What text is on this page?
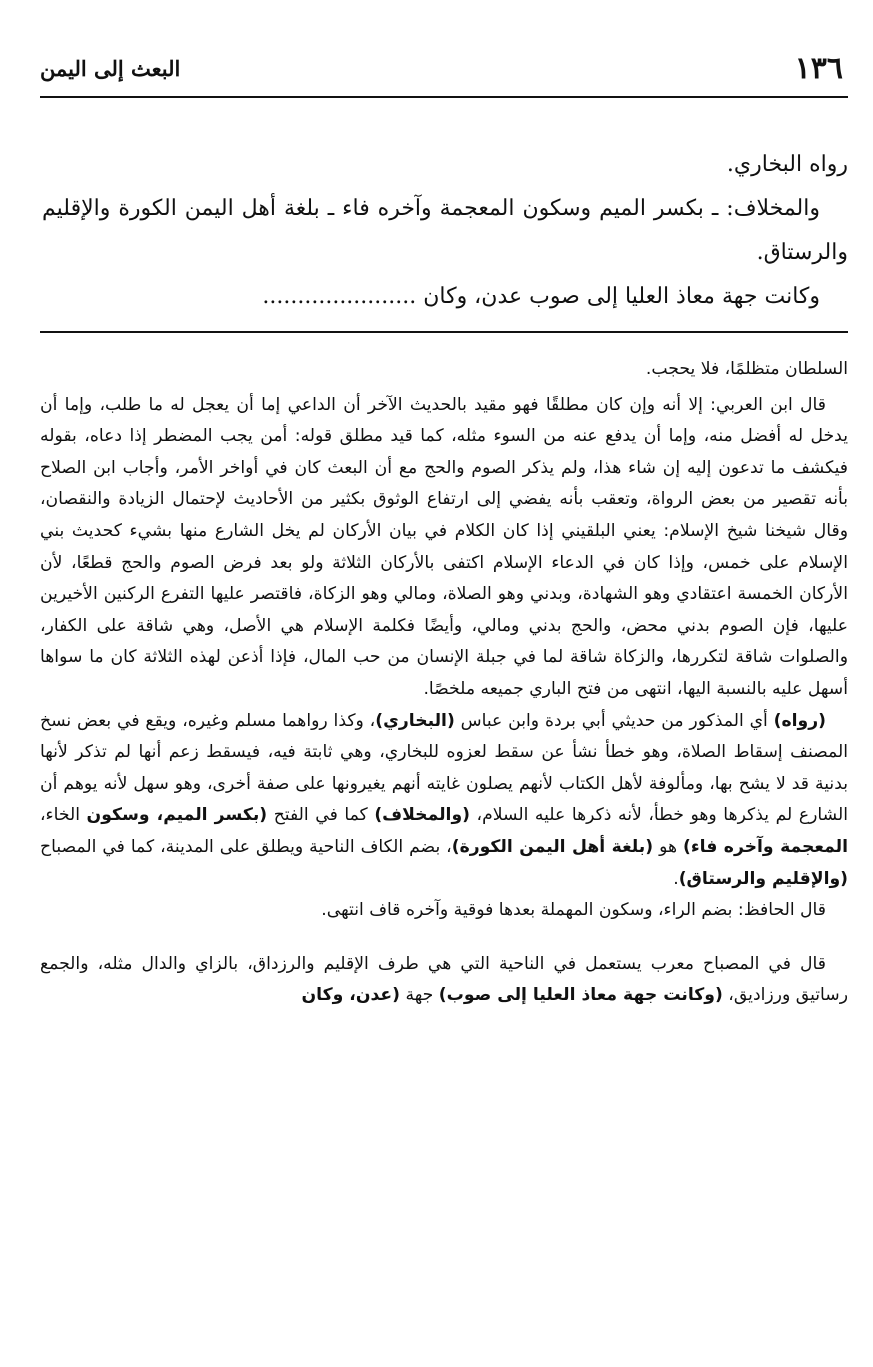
١٣٦
البعث إلى اليمن

رواه البخاري.

والمخلاف: ـ بكسر الميم وسكون المعجمة وآخره فاء ـ بلغة أهل اليمن الكورة والإقليم والرستاق.

وكانت جهة معاذ العليا إلى صوب عدن، وكان ......................

السلطان متظلمًا، فلا يحجب.

قال ابن العربي: إلا أنه وإن كان مطلقًا فهو مقيد بالحديث الآخر أن الداعي إما أن يعجل له ما طلب، وإما أن يدخل له أفضل منه، وإما أن يدفع عنه من السوء مثله، كما قيد مطلق قوله: أمن يجب المضطر إذا دعاه، بقوله فيكشف ما تدعون إليه إن شاء هذا، ولم يذكر الصوم والحج مع أن البعث كان في أواخر الأمر، وأجاب ابن الصلاح بأنه تقصير من بعض الرواة، وتعقب بأنه يفضي إلى ارتفاع الوثوق بكثير من الأحاديث لإحتمال الزيادة والنقصان، وقال شيخنا شيخ الإسلام: يعني البلقيني إذا كان الكلام في بيان الأركان لم يخل الشارع منها بشيء كحديث بني الإسلام على خمس، وإذا كان في الدعاء الإسلام اكتفى بالأركان الثلاثة ولو بعد فرض الصوم والحج قطعًا، لأن الأركان الخمسة اعتقادي وهو الشهادة، وبدني وهو الصلاة، ومالي وهو الزكاة، فاقتصر عليها التفرع الركنين الأخيرين عليها، فإن الصوم بدني محض، والحج بدني ومالي، وأيضًا فكلمة الإسلام هي الأصل، وهي شاقة على الكفار، والصلوات شاقة لتكررها، والزكاة شاقة لما في جبلة الإنسان من حب المال، فإذا أذعن لهذه الثلاثة كان ما سواها أسهل عليه بالنسبة اليها، انتهى من فتح الباري جميعه ملخصًا.

(رواه) أي المذكور من حديثي أبي بردة وابن عباس (البخاري)، وكذا رواهما مسلم وغيره، ويقع في بعض نسخ المصنف إسقاط الصلاة، وهو خطأ نشأ عن سقط لعزوه للبخاري، وهي ثابتة فيه، فيسقط زعم أنها لم تذكر لأنها بدنية قد لا يشح بها، ومألوفة لأهل الكتاب لأنهم يصلون غايته أنهم يغيرونها على صفة أخرى، وهو سهل لأنه يوهم أن الشارع لم يذكرها وهو خطأ، لأنه ذكرها عليه السلام، (والمخلاف) كما في الفتح (بكسر الميم، وسكون الخاء، المعجمة وآخره فاء) هو (بلغة أهل اليمن الكورة)، بضم الكاف الناحية ويطلق على المدينة، كما في المصباح (والإقليم والرستاق).

قال الحافظ: بضم الراء، وسكون المهملة بعدها فوقية وآخره قاف انتهى.

قال في المصباح معرب يستعمل في الناحية التي هي طرف الإقليم والرزداق، بالزاي والدال مثله، والجمع رساتيق ورزاديق، (وكانت جهة معاذ العليا إلى صوب) جهة (عدن، وكان
